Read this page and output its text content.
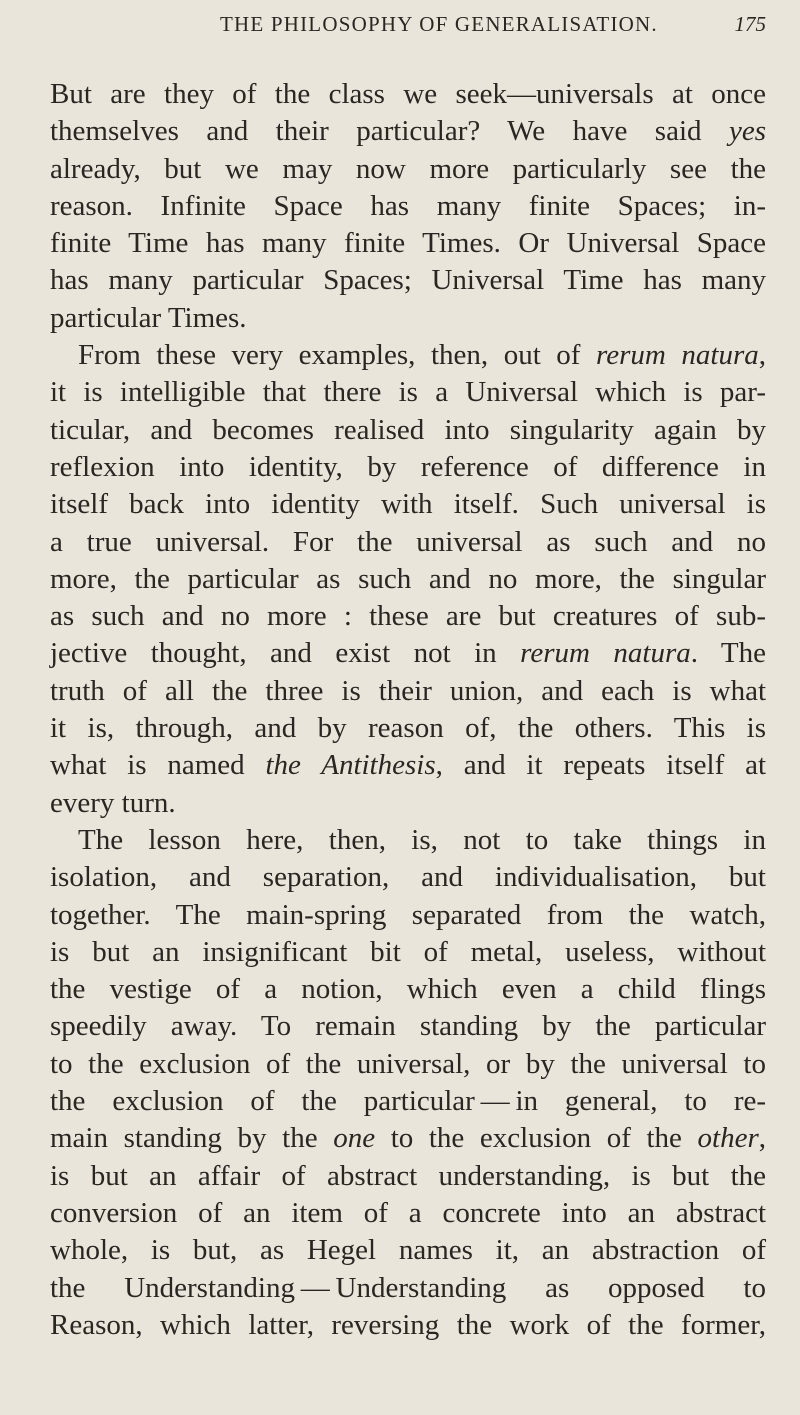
THE PHILOSOPHY OF GENERALISATION.	175
But are they of the class we seek—universals at once
themselves and their particular? We have said yes
already, but we may now more particularly see the
reason. Infinite Space has many finite Spaces; in-
finite Time has many finite Times. Or Universal Space
has many particular Spaces; Universal Time has many
particular Times.
From these very examples, then, out of rerum natura,
it is intelligible that there is a Universal which is par-
ticular, and becomes realised into singularity again by
reflexion into identity, by reference of difference in
itself back into identity with itself. Such universal is
a true universal. For the universal as such and no
more, the particular as such and no more, the singular
as such and no more : these are but creatures of sub-
jective thought, and exist not in rerum natura. The
truth of all the three is their union, and each is what
it is, through, and by reason of, the others. This is
what is named the Antithesis, and it repeats itself at
every turn.
The lesson here, then, is, not to take things in
isolation, and separation, and individualisation, but
together. The main-spring separated from the watch,
is but an insignificant bit of metal, useless, without
the vestige of a notion, which even a child flings
speedily away. To remain standing by the particular
to the exclusion of the universal, or by the universal to
the exclusion of the particular — in general, to re-
main standing by the one to the exclusion of the other,
is but an affair of abstract understanding, is but the
conversion of an item of a concrete into an abstract
whole, is but, as Hegel names it, an abstraction of
the Understanding — Understanding as opposed to
Reason, which latter, reversing the work of the former,
